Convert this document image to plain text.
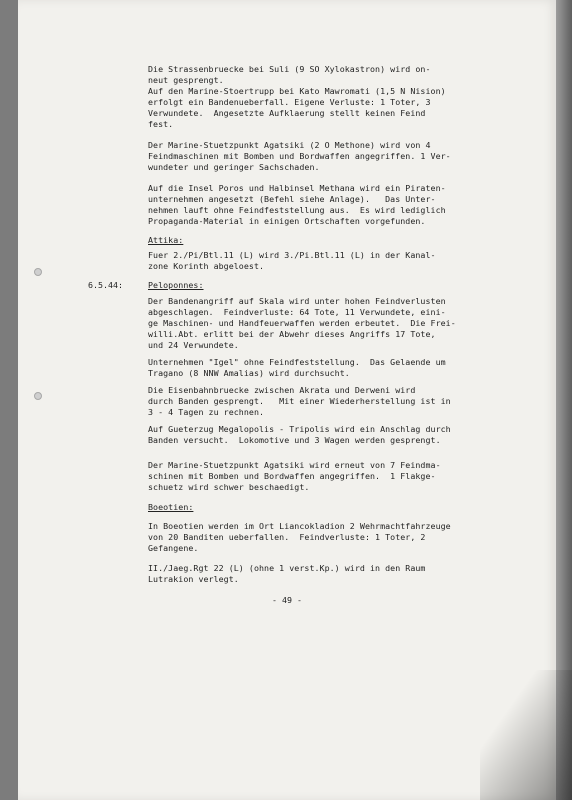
Die Strassenbruecke bei Suli (9 SO Xylokastron) wird on-
neut gesprengt.
Auf den Marine-Stoertrupp bei Kato Mawromati (1,5 N Nision)
erfolgt ein Bandenueberfall. Eigene Verluste: 1 Toter, 3
Verwundete.  Angesetzte Aufklaerung stellt keinen Feind
fest.
Der Marine-Stuetzpunkt Agatsiki (2 O Methone) wird von 4
Feindmaschinen mit Bomben und Bordwaffen angegriffen. 1 Ver-
wundeter und geringer Sachschaden.
Auf die Insel Poros und Halbinsel Methana wird ein Piraten-
unternehmen angesetzt (Befehl siehe Anlage).   Das Unter-
nehmen lauft ohne Feindfeststellung aus.  Es wird lediglich
Propaganda-Material in einigen Ortschaften vorgefunden.
Attika:
Fuer 2./Pi/Btl.11 (L) wird 3./Pi.Btl.11 (L) in der Kanal-
zone Korinth abgeloest.
6.5.44:	Peloponnes:
Der Bandenangriff auf Skala wird unter hohen Feindverlusten
abgeschlagen.  Feindverluste: 64 Tote, 11 Verwundete, eini-
ge Maschinen- und Handfeuerwaffen werden erbeutet.  Die Frei-
willi.Abt. erlitt bei der Abwehr dieses Angriffs 17 Tote,
und 24 Verwundete.
Unternehmen "Igel" ohne Feindfeststellung.  Das Gelaende um
Tragano (8 NNW Amalias) wird durchsucht.
Die Eisenbahnbruecke zwischen Akrata und Derweni wird
durch Banden gesprengt.   Mit einer Wiederherstellung ist in
3 - 4 Tagen zu rechnen.
Auf Gueterzug Megalopolis - Tripolis wird ein Anschlag durch
Banden versucht.  Lokomotive und 3 Wagen werden gesprengt.
Der Marine-Stuetzpunkt Agatsiki wird erneut von 7 Feindma-
schinen mit Bomben und Bordwaffen angegriffen.  1 Flakge-
schuetz wird schwer beschaedigt.
Boeotien:
In Boeotien werden im Ort Liancokladion 2 Wehrmachtfahrzeuge
von 20 Banditen ueberfallen.  Feindverluste: 1 Toter, 2
Gefangene.
II./Jaeg.Rgt 22 (L) (ohne 1 verst.Kp.) wird in den Raum
Lutrakion verlegt.
- 49 -
